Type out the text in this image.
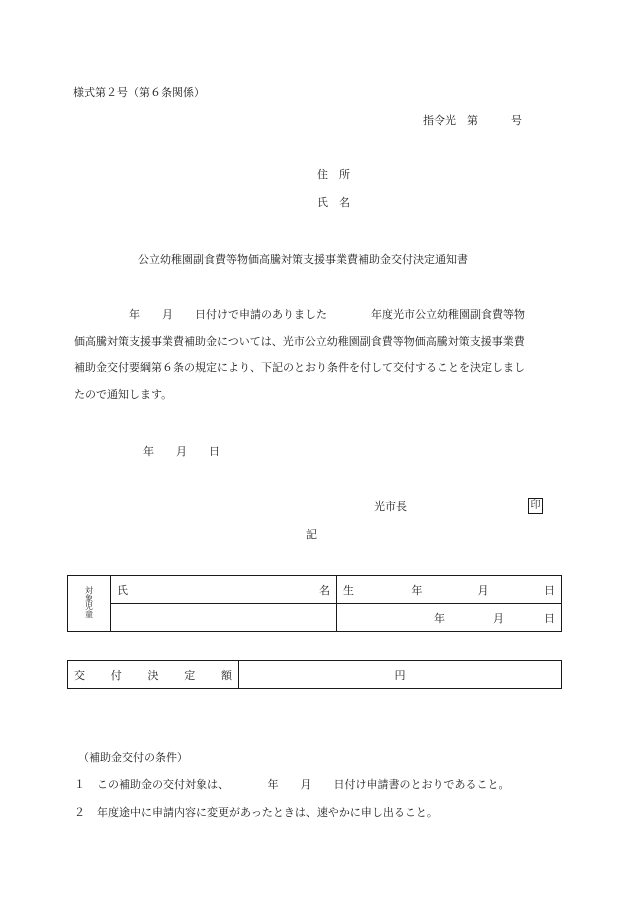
様式第２号（第６条関係）
指令光　第　　　号
住　所
氏　名
公立幼稚園副食費等物価高騰対策支援事業費補助金交付決定通知書
　　　　　年　　月　　日付けで申請のありました　　　　年度光市公立幼稚園副食費等物
価高騰対策支援事業費補助金については、光市公立幼稚園副食費等物価高騰対策支援事業費
補助金交付要綱第６条の規定により、下記のとおり条件を付して交付することを決定しまし
たので通知します。
年　　月　　日
光市長	印
記
対象児童	氏 名	生 年 月 日

		年 月 日
交 付 決 定 額	円
（補助金交付の条件）
１ この補助金の交付対象は、　　　　年　　月　　日付け申請書のとおりであること。
２ 年度途中に申請内容に変更があったときは、速やかに申し出ること。
